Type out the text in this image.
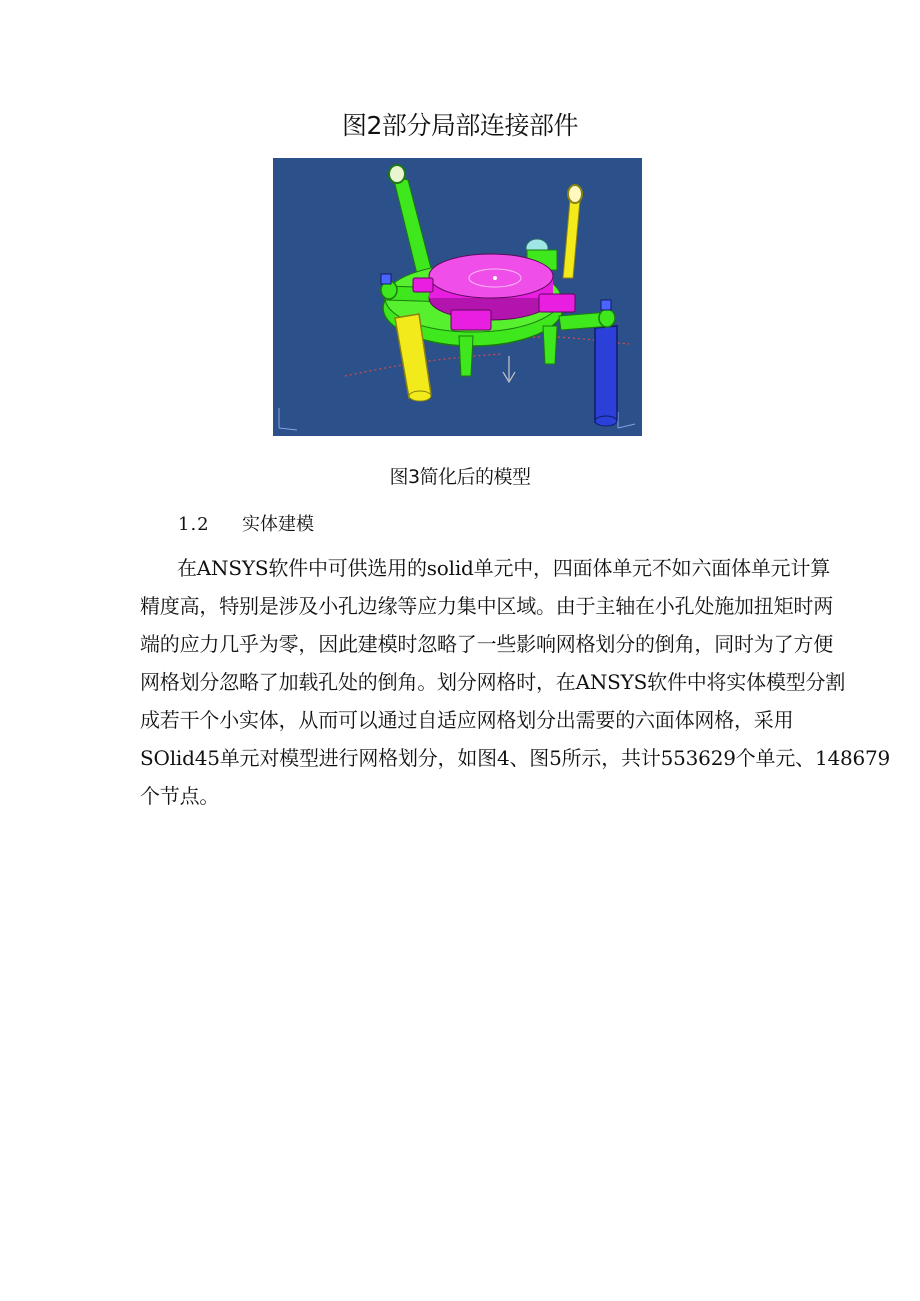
图2部分局部连接部件
图3简化后的模型
1.2 实体建模
在ANSYS软件中可供选用的solid单元中，四面体单元不如六面体单元计算
精度高，特别是涉及小孔边缘等应力集中区域。由于主轴在小孔处施加扭矩时两
端的应力几乎为零，因此建模时忽略了一些影响网格划分的倒角，同时为了方便
网格划分忽略了加载孔处的倒角。划分网格时，在ANSYS软件中将实体模型分割
成若干个小实体，从而可以通过自适应网格划分出需要的六面体网格，采用
SOlid45单元对模型进行网格划分，如图4、图5所示，共计553629个单元、148679
个节点。
